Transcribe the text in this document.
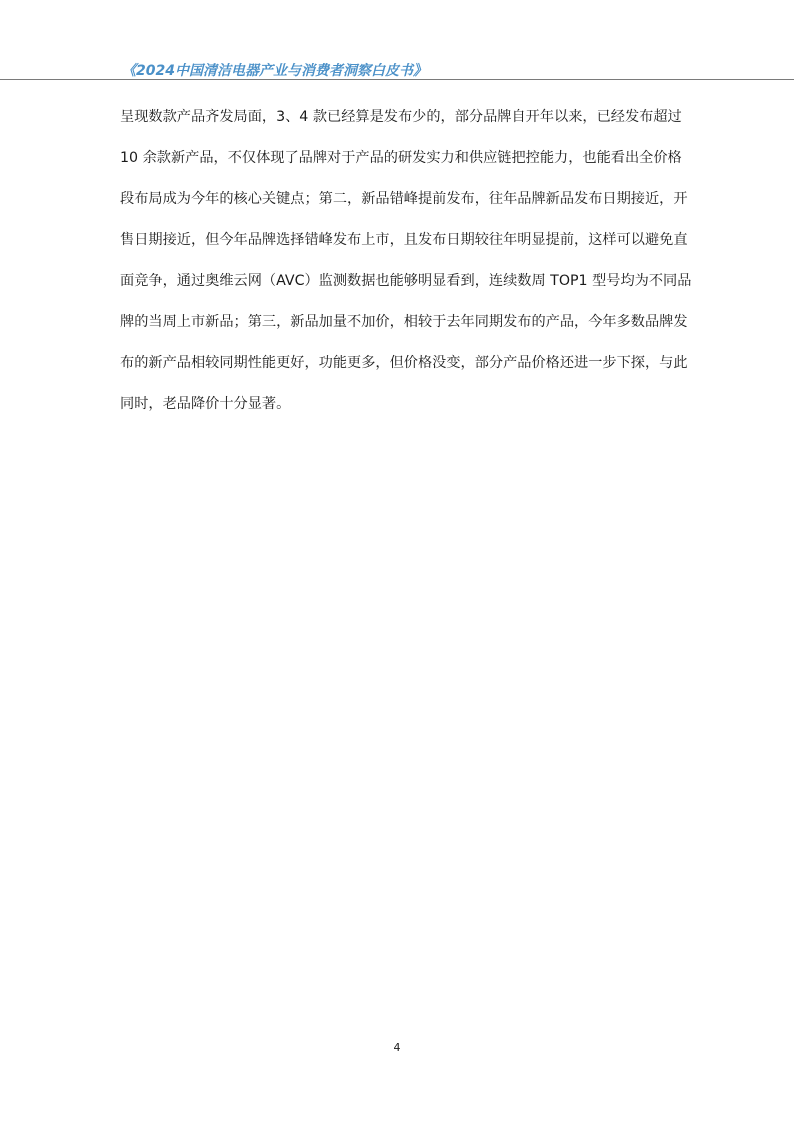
《2024中国清洁电器产业与消费者洞察白皮书》
呈现数款产品齐发局面，3、4 款已经算是发布少的，部分品牌自开年以来，已经发布超过
10 余款新产品，不仅体现了品牌对于产品的研发实力和供应链把控能力，也能看出全价格
段布局成为今年的核心关键点；第二，新品错峰提前发布，往年品牌新品发布日期接近，开
售日期接近，但今年品牌选择错峰发布上市，且发布日期较往年明显提前，这样可以避免直
面竞争，通过奥维云网（AVC）监测数据也能够明显看到，连续数周 TOP1 型号均为不同品
牌的当周上市新品；第三，新品加量不加价，相较于去年同期发布的产品，今年多数品牌发
布的新产品相较同期性能更好，功能更多，但价格没变，部分产品价格还进一步下探，与此
同时，老品降价十分显著。
4
